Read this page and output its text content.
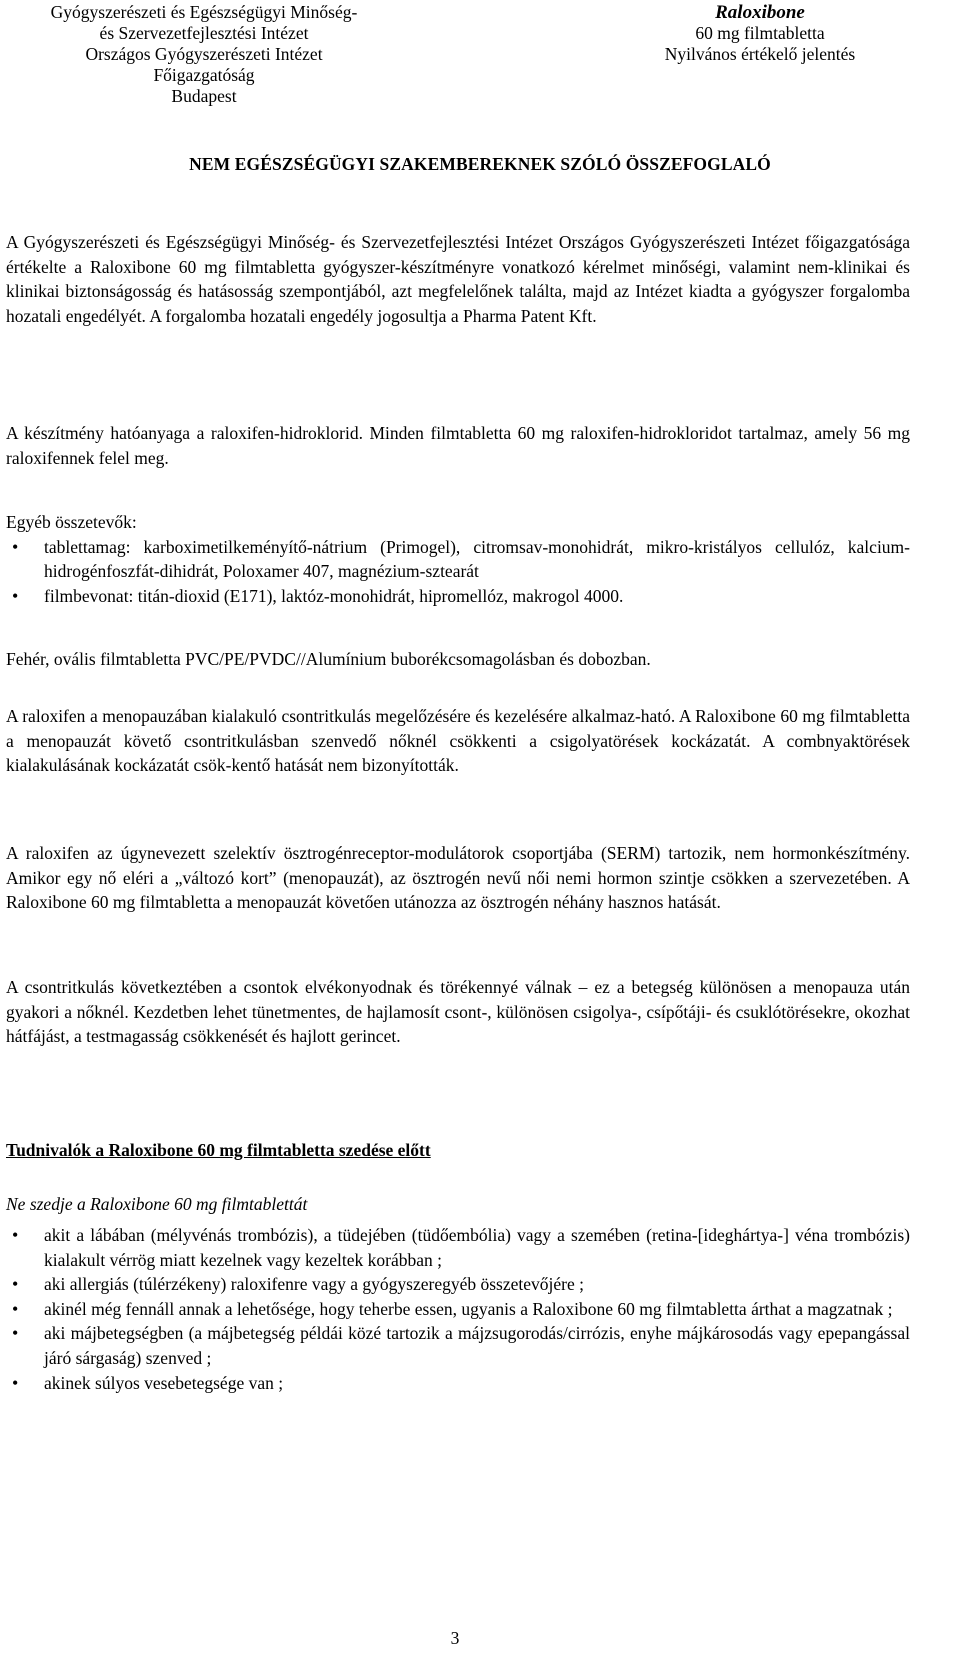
Gyógyszerészeti és Egészségügyi Minőség-
és Szervezetfejlesztési Intézet
Országos Gyógyszerészeti Intézet
Főigazgatóság
Budapest
Raloxibone
60 mg filmtabletta
Nyilvános értékelő jelentés
NEM EGÉSZSÉGÜGYI SZAKEMBEREKNEK SZÓLÓ ÖSSZEFOGLALÓ

A Gyógyszerészeti és Egészségügyi Minőség- és Szervezetfejlesztési Intézet Országos Gyógyszerészeti Intézet főigazgatósága értékelte a Raloxibone 60 mg filmtabletta gyógyszer-készítményre vonatkozó kérelmet minőségi, valamint nem-klinikai és klinikai biztonságosság és hatásosság szempontjából, azt megfelelőnek találta, majd az Intézet kiadta a gyógyszer forgalomba hozatali engedélyét. A forgalomba hozatali engedély jogosultja a Pharma Patent Kft.

A készítmény hatóanyaga a raloxifen-hidroklorid. Minden filmtabletta 60 mg raloxifen-hidrokloridot tartalmaz, amely 56 mg raloxifennek felel meg.

Egyéb összetevők:

• tablettamag: karboximetilkeményítő-nátrium (Primogel), citromsav-monohidrát, mikro-kristályos cellulóz, kalcium-hidrogénfoszfát-dihidrát, Poloxamer 407, magnézium-sztearát
• filmbevonat: titán-dioxid (E171), laktóz-monohidrát, hipromellóz, makrogol 4000.

Fehér, ovális filmtabletta PVC/PE/PVDC//Alumínium buborékcsomagolásban és dobozban.

A raloxifen a menopauzában kialakuló csontritkulás megelőzésére és kezelésére alkalmaz-ható. A Raloxibone 60 mg filmtabletta a menopauzát követő csontritkulásban szenvedő nőknél csökkenti a csigolyatörések kockázatát. A combnyaktörések kialakulásának kockázatát csök-kentő hatását nem bizonyították.

A raloxifen az úgynevezett szelektív ösztrogénreceptor-modulátorok csoportjába (SERM) tartozik, nem hormonkészítmény. Amikor egy nő eléri a „változó kort” (menopauzát), az ösztrogén nevű női nemi hormon szintje csökken a szervezetében. A Raloxibone 60 mg filmtabletta a menopauzát követően utánozza az ösztrogén néhány hasznos hatását.

A csontritkulás következtében a csontok elvékonyodnak és törékennyé válnak – ez a betegség különösen a menopauza után gyakori a nőknél. Kezdetben lehet tünetmentes, de hajlamosít csont-, különösen csigolya-, csípőtáji- és csuklótörésekre, okozhat hátfájást, a testmagasság csökkenését és hajlott gerincet.

Tudnivalók a Raloxibone 60 mg filmtabletta szedése előtt
Ne szedje a Raloxibone 60 mg filmtablettát
• akit a lábában (mélyvénás trombózis), a tüdejében (tüdőembólia) vagy a szemében (retina-[ideghártya-] véna trombózis) kialakult vérrög miatt kezelnek vagy kezeltek korábban ;
• aki allergiás (túlérzékeny) raloxifenre vagy a gyógyszeregyéb összetevőjére ;
• akinél még fennáll annak a lehetősége, hogy teherbe essen, ugyanis a Raloxibone 60 mg filmtabletta árthat a magzatnak ;
• aki májbetegségben (a májbetegség példái közé tartozik a májzsugorodás/cirrózis, enyhe májkárosodás vagy epepangással járó sárgaság) szenved ;
• akinek súlyos vesebetegsége van ;
3
